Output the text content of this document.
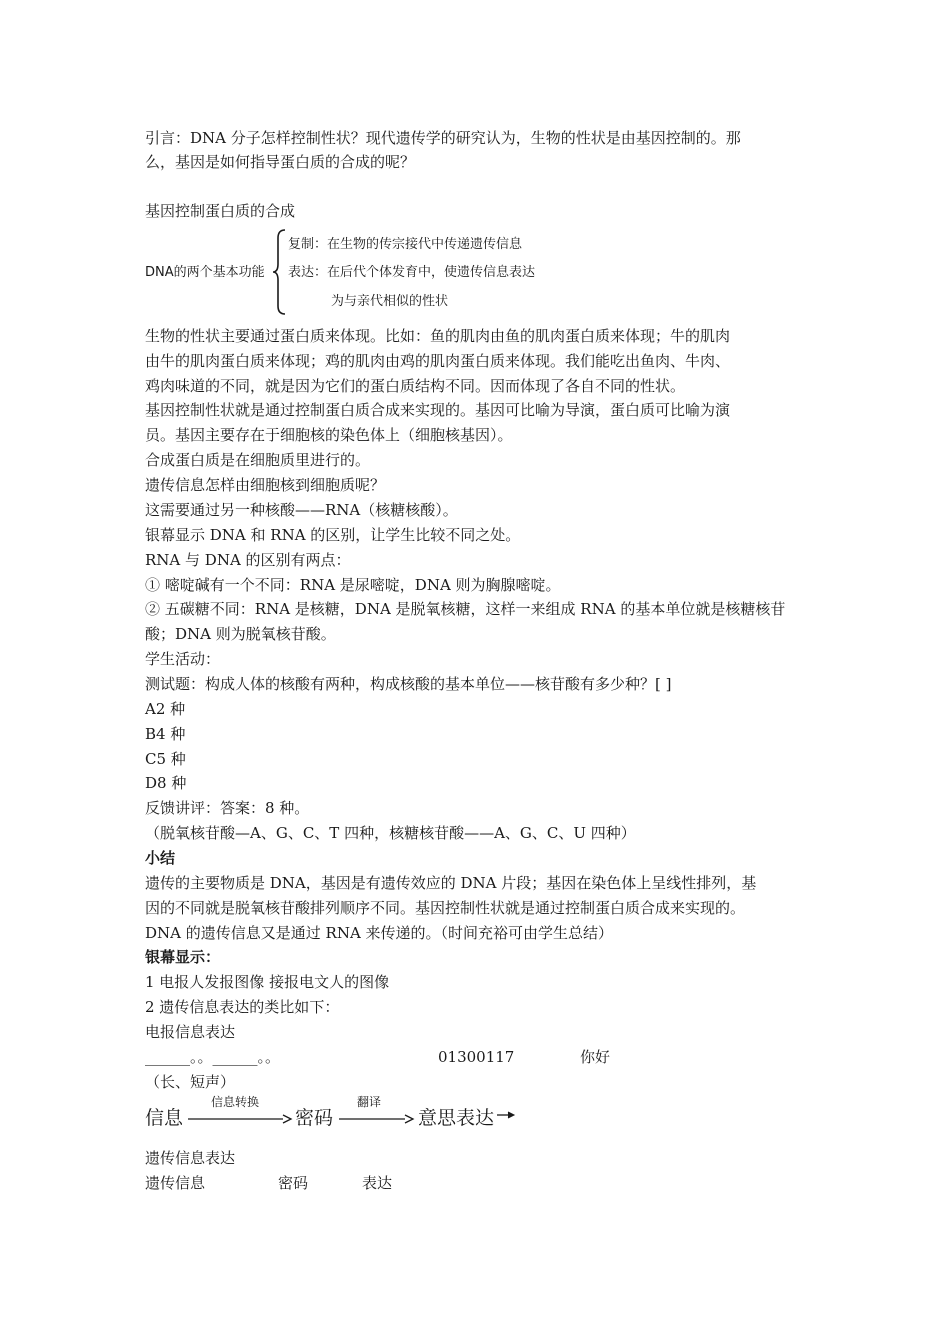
引言：DNA 分子怎样控制性状？现代遗传学的研究认为，生物的性状是由基因控制的。那
么，基因是如何指导蛋白质的合成的呢？
基因控制蛋白质的合成
DNA的两个基本功能
复制：在生物的传宗接代中传递遗传信息
表达：在后代个体发育中，使遗传信息表达
为与亲代相似的性状
生物的性状主要通过蛋白质来体现。比如：鱼的肌肉由鱼的肌肉蛋白质来体现；牛的肌肉
由牛的肌肉蛋白质来体现；鸡的肌肉由鸡的肌肉蛋白质来体现。我们能吃出鱼肉、牛肉、
鸡肉味道的不同，就是因为它们的蛋白质结构不同。因而体现了各自不同的性状。
基因控制性状就是通过控制蛋白质合成来实现的。基因可比喻为导演，蛋白质可比喻为演
员。基因主要存在于细胞核的染色体上（细胞核基因）。
合成蛋白质是在细胞质里进行的。
遗传信息怎样由细胞核到细胞质呢？
这需要通过另一种核酸——RNA（核糖核酸）。
银幕显示 DNA 和 RNA 的区别，让学生比较不同之处。
RNA 与 DNA 的区别有两点：
① 嘧啶碱有一个不同：RNA 是尿嘧啶，DNA 则为胸腺嘧啶。
② 五碳糖不同：RNA 是核糖，DNA 是脱氧核糖，这样一来组成 RNA 的基本单位就是核糖核苷
酸；DNA 则为脱氧核苷酸。
学生活动：
测试题：构成人体的核酸有两种，构成核酸的基本单位——核苷酸有多少种？[ ]
A2 种
B4 种
C5 种
D8 种
反馈讲评：答案：8 种。
（脱氧核苷酸—A、G、C、T 四种，核糖核苷酸——A、G、C、U 四种）
小结
遗传的主要物质是 DNA，基因是有遗传效应的 DNA 片段；基因在染色体上呈线性排列，基
因的不同就是脱氧核苷酸排列顺序不同。基因控制性状就是通过控制蛋白质合成来实现的。
DNA 的遗传信息又是通过 RNA 来传递的。（时间充裕可由学生总结）
银幕显示：
1 电报人发报图像 接报电文人的图像
2 遗传信息表达的类比如下：
电报信息表达
______。。______。。	01300117	你好
（长、短声）
信息
信息转换
密码
翻译
意思表达
遗传信息表达
遗传信息	密码	表达
